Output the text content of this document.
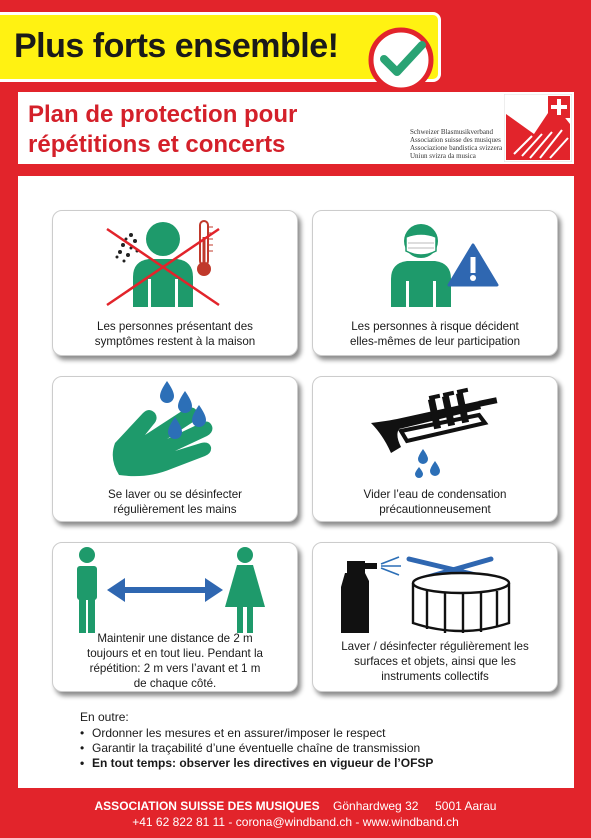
Plus forts ensemble!
Plan de protection pour
répétitions et concerts	Schweizer Blasmusikverband
Association suisse des musiques
Associazione bandistica svizzera
Uniun svizra da musica
Les personnes présentant des
symptômes restent à la maison
Les personnes à risque décident
elles-mêmes de leur participation
Se laver ou se désinfecter
régulièrement les mains
Vider l’eau de condensation
précautionneusement
Maintenir une distance de 2 m
toujours et en tout lieu. Pendant la
répétition: 2 m vers l’avant et 1 m
de chaque côté.
Laver / désinfecter régulièrement les
surfaces et objets, ainsi que les
instruments collectifs
En outre:
• Ordonner les mesures et en assurer/imposer le respect
• Garantir la traçabilité d’une éventuelle chaîne de transmission
• En tout temps: observer les directives en vigueur de l’OFSP
ASSOCIATION SUISSE DES MUSIQUES Gönhardweg 32 5001 Aarau
+41 62 822 81 11 - corona@windband.ch - www.windband.ch
